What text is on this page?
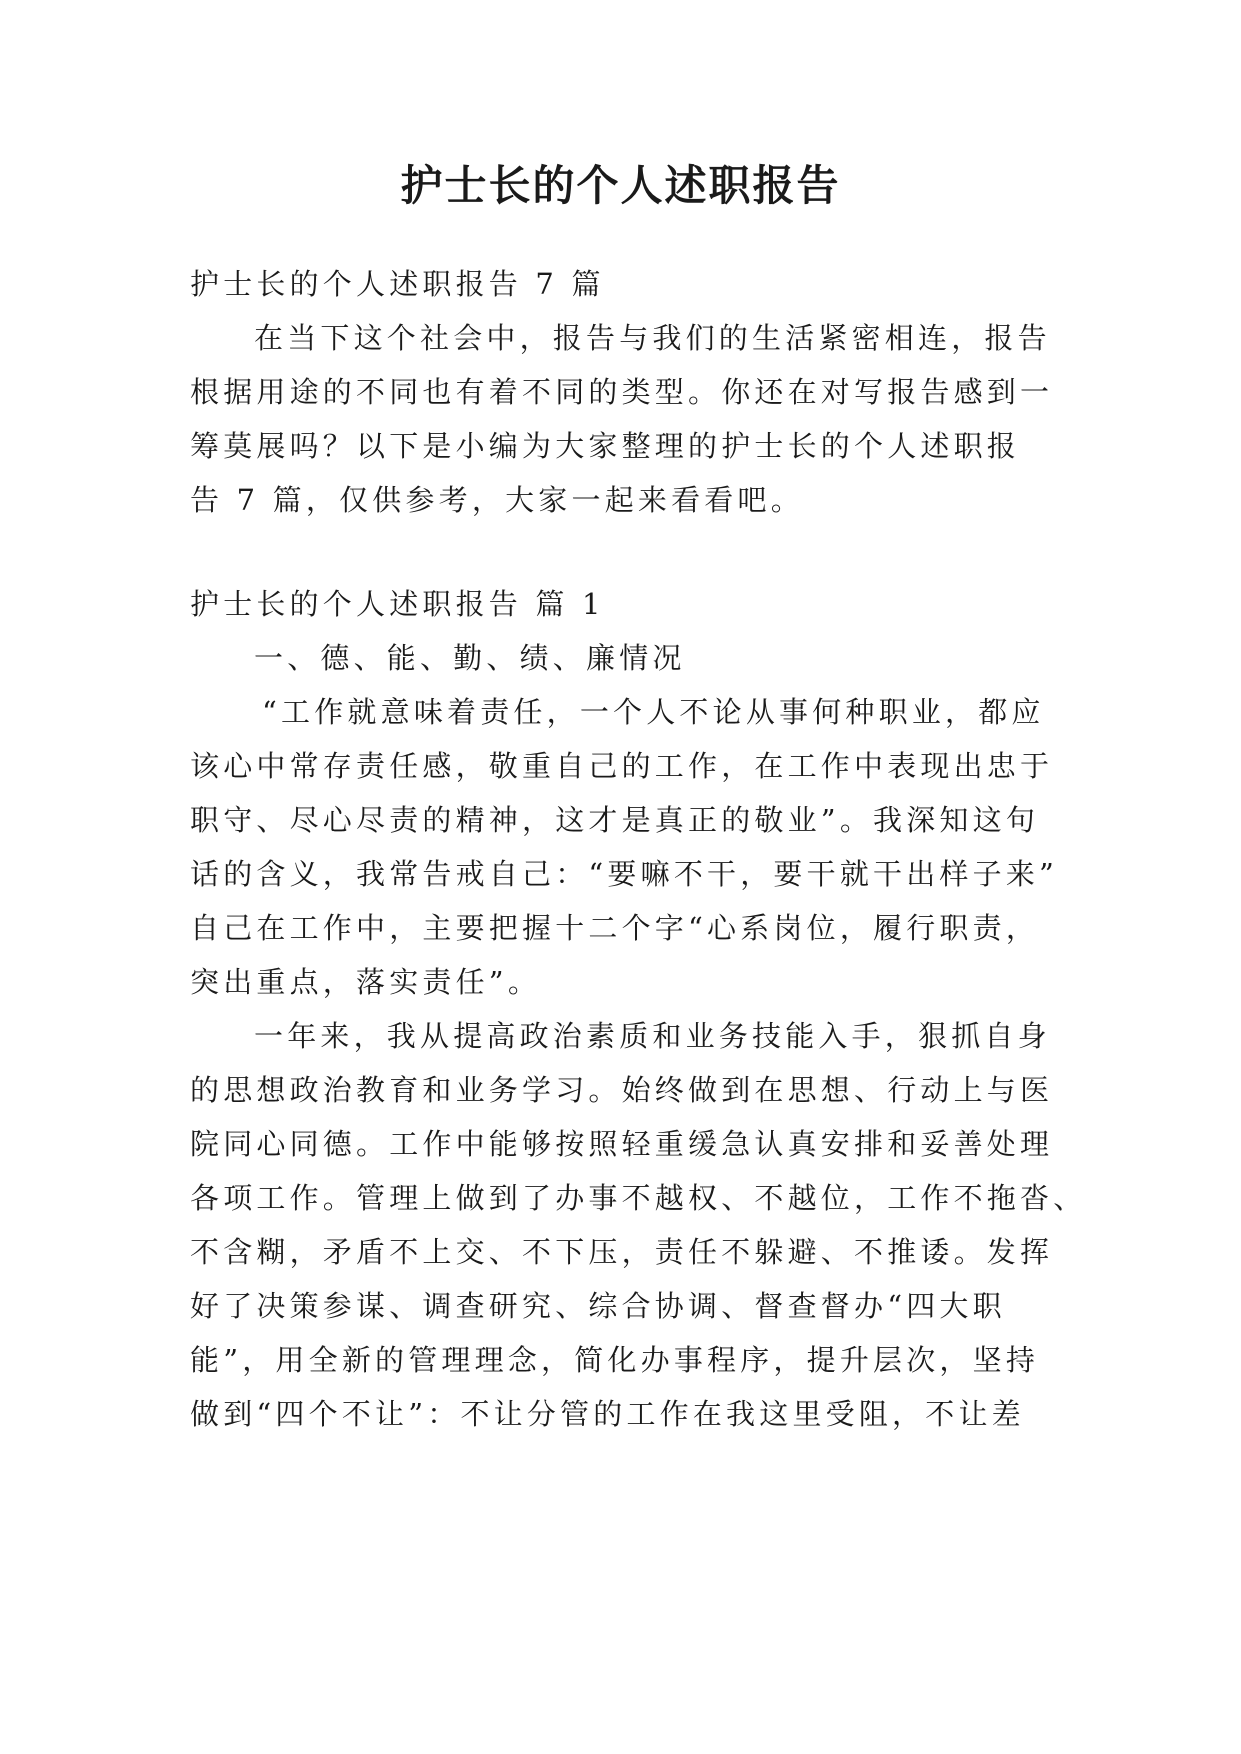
护士长的个人述职报告

护士长的个人述职报告 7 篇

在当下这个社会中，报告与我们的生活紧密相连，报告

根据用途的不同也有着不同的类型。你还在对写报告感到一

筹莫展吗？以下是小编为大家整理的护士长的个人述职报

告 7 篇，仅供参考，大家一起来看看吧。

护士长的个人述职报告 篇 1

一、德、能、勤、绩、廉情况

“工作就意味着责任，一个人不论从事何种职业，都应

该心中常存责任感，敬重自己的工作，在工作中表现出忠于

职守、尽心尽责的精神，这才是真正的敬业”。我深知这句

话的含义，我常告戒自己：“要嘛不干，要干就干出样子来”

自己在工作中，主要把握十二个字“心系岗位，履行职责，

突出重点，落实责任”。

一年来，我从提高政治素质和业务技能入手，狠抓自身

的思想政治教育和业务学习。始终做到在思想、行动上与医

院同心同德。工作中能够按照轻重缓急认真安排和妥善处理

各项工作。管理上做到了办事不越权、不越位，工作不拖沓、

不含糊，矛盾不上交、不下压，责任不躲避、不推诿。发挥

好了决策参谋、调查研究、综合协调、督查督办“四大职

能”，用全新的管理理念，简化办事程序，提升层次，坚持

做到“四个不让”：不让分管的工作在我这里受阻，不让差
